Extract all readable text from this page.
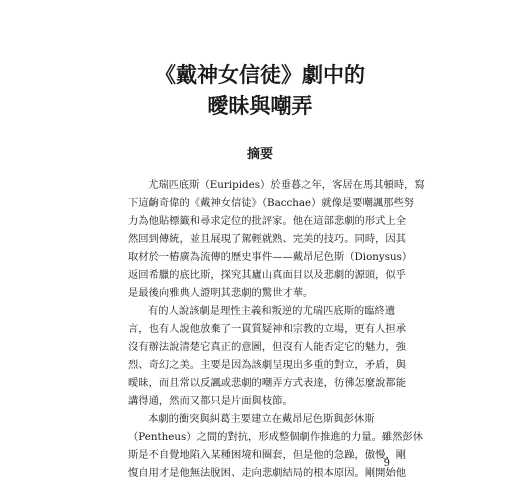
《戴神女信徒》劇中的
曖昧與嘲弄
摘要
尤瑞匹底斯（Euripides）於垂暮之年，客居在馬其頓時，寫
下這齣奇偉的《戴神女信徒》（Bacchae）就像是要嘲諷那些努
力為他貼標籤和尋求定位的批評家。他在這部悲劇的形式上全
然回到傳統，並且展現了駕輕就熟、完美的技巧。同時，因其
取材於一樁廣為流傳的歷史事件——戴昂尼色斯（Dionysus）
返回希臘的底比斯，探究其廬山真面目以及悲劇的源頭，似乎
是最後向雅典人證明其悲劇的驚世才華。
有的人說該劇是理性主義和叛逆的尤瑞匹底斯的臨終遺
言，也有人說他放棄了一貫質疑神和宗教的立場，更有人担承
沒有辦法說清楚它真正的意圖，但沒有人能否定它的魅力，強
烈、奇幻之美。主要是因為該劇呈現出多重的對立，矛盾，與
曖昧，而且常以反諷或悲劇的嘲弄方式表達，彷彿怎麼說都能
講得通，然而又都只是片面與枝節。
本劇的衝突與糾葛主要建立在戴昂尼色斯與彭休斯
（Pentheus）之間的對抗，形成整個劇作推進的力量。雖然彭休
斯是不自覺地陷入某種困境和圈套，但是他的急躁，傲慢，剛
愎自用才是他無法脫困、走向悲劇結局的根本原因。剛開始他
9
